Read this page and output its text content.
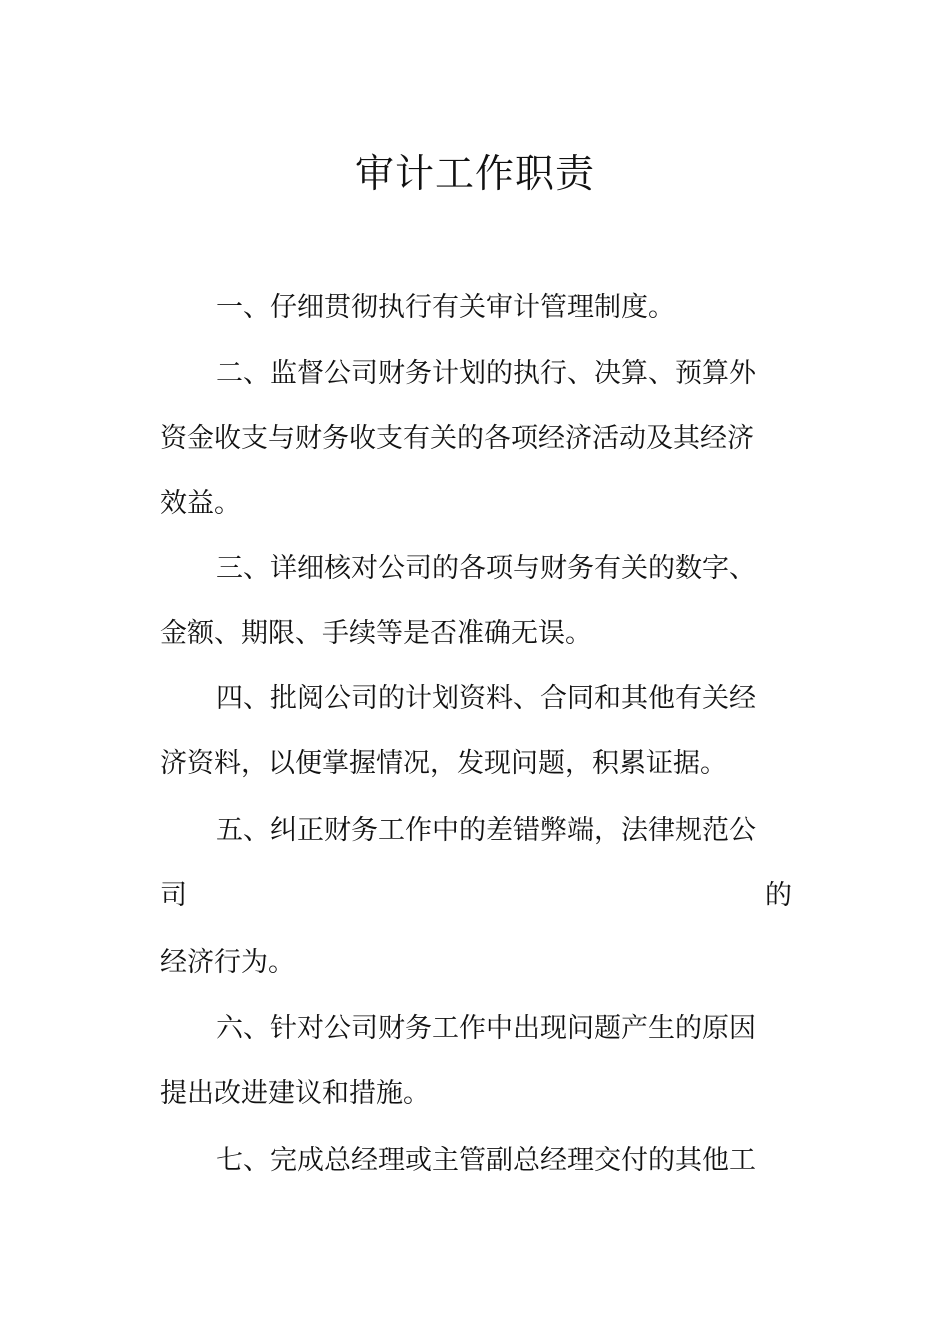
审计工作职责
一、仔细贯彻执行有关审计管理制度。
二、监督公司财务计划的执行、决算、预算外
资金收支与财务收支有关的各项经济活动及其经济
效益。
三、详细核对公司的各项与财务有关的数字、
金额、期限、手续等是否准确无误。
四、批阅公司的计划资料、合同和其他有关经
济资料，以便掌握情况，发现问题，积累证据。
五、纠正财务工作中的差错弊端，法律规范公
司	的
经济行为。
六、针对公司财务工作中出现问题产生的原因
提出改进建议和措施。
七、完成总经理或主管副总经理交付的其他工
